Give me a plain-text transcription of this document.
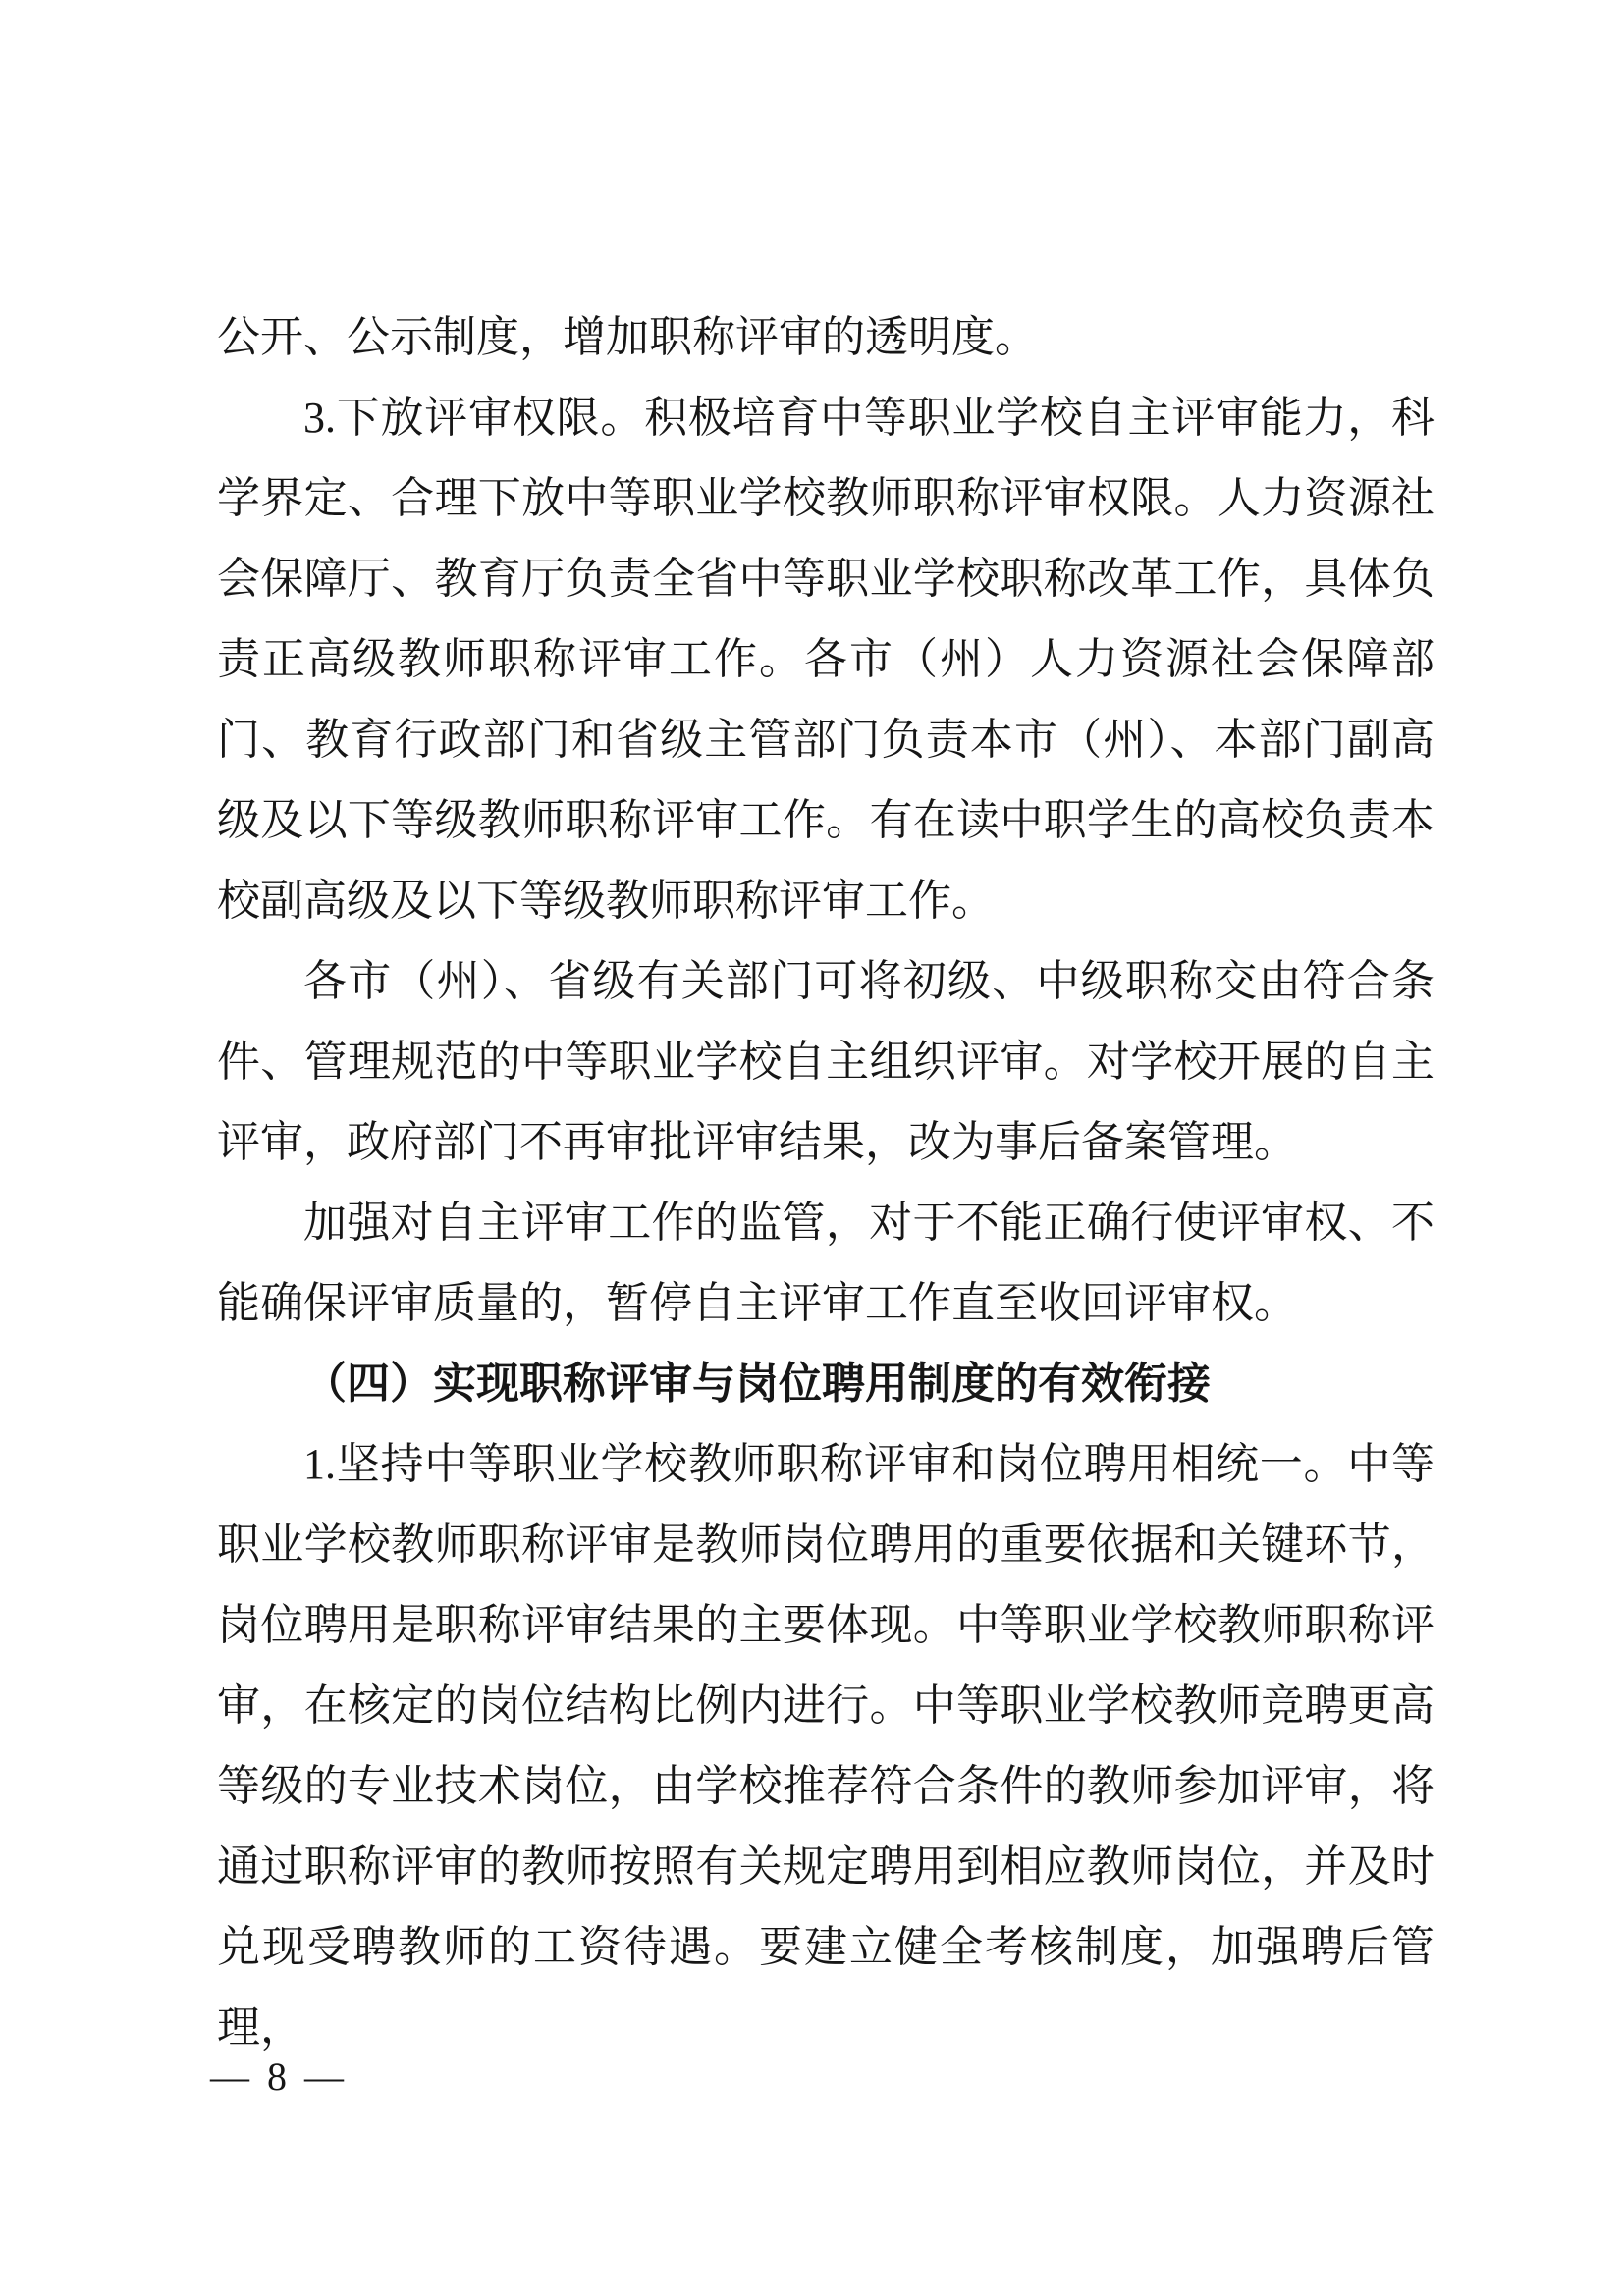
公开、公示制度，增加职称评审的透明度。

3.下放评审权限。积极培育中等职业学校自主评审能力，科学界定、合理下放中等职业学校教师职称评审权限。人力资源社会保障厅、教育厅负责全省中等职业学校职称改革工作，具体负责正高级教师职称评审工作。各市（州）人力资源社会保障部门、教育行政部门和省级主管部门负责本市（州）、本部门副高级及以下等级教师职称评审工作。有在读中职学生的高校负责本校副高级及以下等级教师职称评审工作。

各市（州）、省级有关部门可将初级、中级职称交由符合条件、管理规范的中等职业学校自主组织评审。对学校开展的自主评审，政府部门不再审批评审结果，改为事后备案管理。

加强对自主评审工作的监管，对于不能正确行使评审权、不能确保评审质量的，暂停自主评审工作直至收回评审权。

（四）实现职称评审与岗位聘用制度的有效衔接

1.坚持中等职业学校教师职称评审和岗位聘用相统一。中等职业学校教师职称评审是教师岗位聘用的重要依据和关键环节，岗位聘用是职称评审结果的主要体现。中等职业学校教师职称评审，在核定的岗位结构比例内进行。中等职业学校教师竞聘更高等级的专业技术岗位，由学校推荐符合条件的教师参加评审，将通过职称评审的教师按照有关规定聘用到相应教师岗位，并及时兑现受聘教师的工资待遇。要建立健全考核制度，加强聘后管理，

— 8 —
